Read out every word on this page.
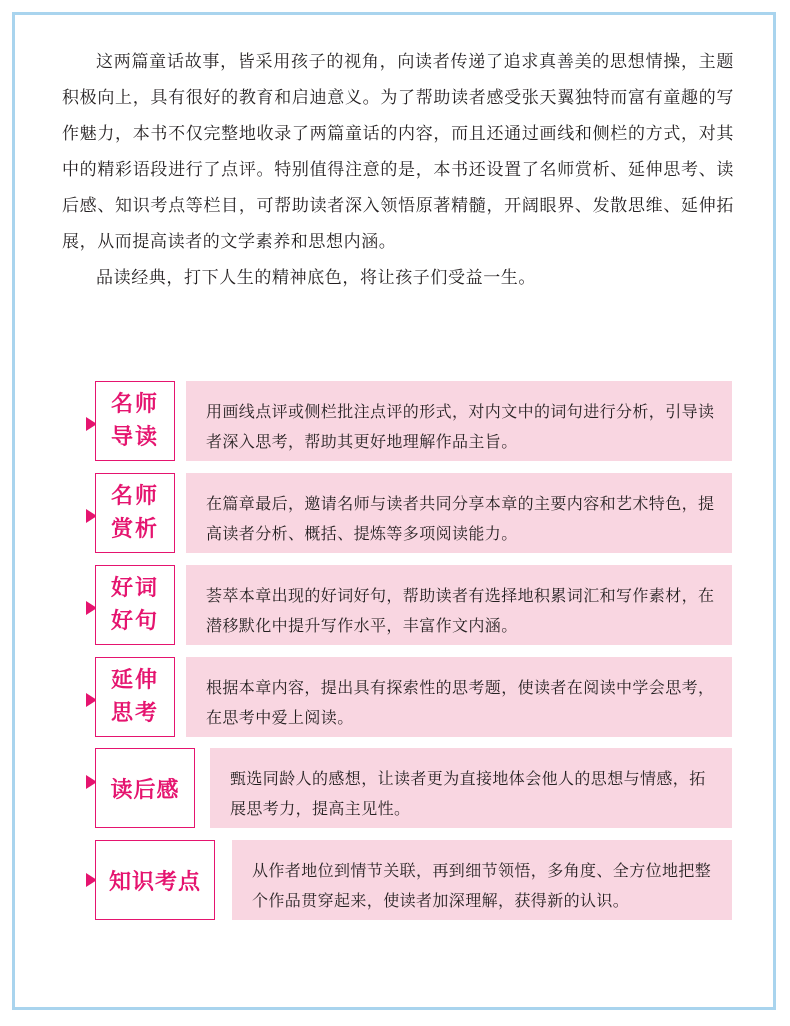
这两篇童话故事，皆采用孩子的视角，向读者传递了追求真善美的思想情操，主题积极向上，具有很好的教育和启迪意义。为了帮助读者感受张天翼独特而富有童趣的写作魅力，本书不仅完整地收录了两篇童话的内容，而且还通过画线和侧栏的方式，对其中的精彩语段进行了点评。特别值得注意的是，本书还设置了名师赏析、延伸思考、读后感、知识考点等栏目，可帮助读者深入领悟原著精髓，开阔眼界、发散思维、延伸拓展，从而提高读者的文学素养和思想内涵。

品读经典，打下人生的精神底色，将让孩子们受益一生。

名师
导读
用画线点评或侧栏批注点评的形式，对内文中的词句进行分析，引导读者深入思考，帮助其更好地理解作品主旨。
名师
赏析
在篇章最后，邀请名师与读者共同分享本章的主要内容和艺术特色，提高读者分析、概括、提炼等多项阅读能力。
好词
好句
荟萃本章出现的好词好句，帮助读者有选择地积累词汇和写作素材，在潜移默化中提升写作水平，丰富作文内涵。
延伸
思考
根据本章内容，提出具有探索性的思考题，使读者在阅读中学会思考，在思考中爱上阅读。
读后感	甄选同龄人的感想，让读者更为直接地体会他人的思想与情感，拓展思考力，提高主见性。
知识考点	从作者地位到情节关联，再到细节领悟，多角度、全方位地把整个作品贯穿起来，使读者加深理解，获得新的认识。
